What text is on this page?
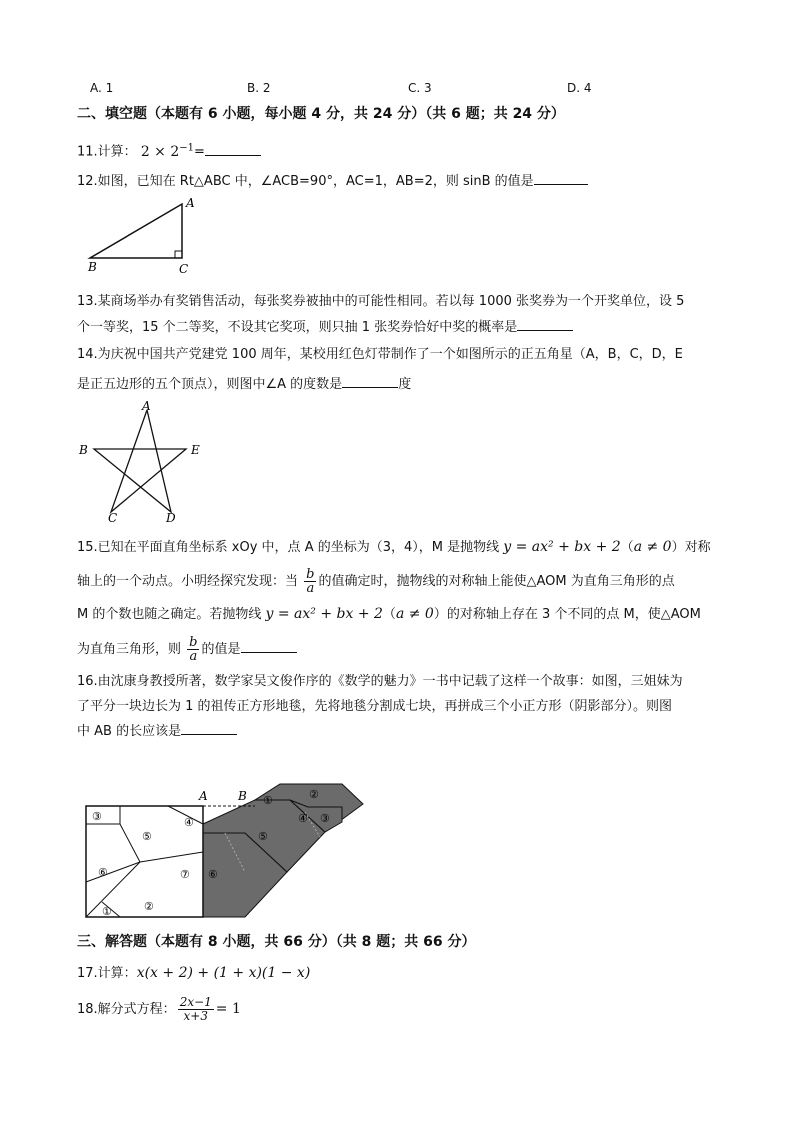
A. 1	B. 2	C. 3	D. 4
二、填空题（本题有 6 小题，每小题 4 分，共 24 分）（共 6 题；共 24 分）
11.计算： $2 \times 2^{-1}=$
12.如图，已知在 Rt△ABC 中，∠ACB=90°，AC=1，AB=2，则 sinB 的值是
A
B	C
13.某商场举办有奖销售活动，每张奖券被抽中的可能性相同。若以每 1000 张奖券为一个开奖单位，设 5
个一等奖，15 个二等奖，不设其它奖项，则只抽 1 张奖券恰好中奖的概率是
14.为庆祝中国共产党建党 100 周年，某校用红色灯带制作了一个如图所示的正五角星（A，B，C，D，E
是正五边形的五个顶点），则图中∠A 的度数是	度
A
B	E
C	D
15.已知在平面直角坐标系 xOy 中，点 A 的坐标为（3，4），M 是抛物线 y = ax² + bx + 2（a ≠ 0）对称
轴上的一个动点。小明经探究发现：当 $\frac{b}{a}$ 的值确定时，抛物线的对称轴上能使△AOM 为直角三角形的点
M 的个数也随之确定。若抛物线 y = ax² + bx + 2（a ≠ 0）的对称轴上存在 3 个不同的点 M，使△AOM
为直角三角形，则 $\frac{b}{a}$ 的值是
16.由沈康身教授所著，数学家吴文俊作序的《数学的魅力》一书中记载了这样一个故事：如图，三姐妹为
了平分一块边长为 1 的祖传正方形地毯，先将地毯分割成七块，再拼成三个小正方形（阴影部分）。则图
中 AB 的长应该是
A	B
③
⑤
④
⑥
②
①
⑦ ⑥
⑤
①	②
④ ③
三、解答题（本题有 8 小题，共 66 分）（共 8 题；共 66 分）
17.计算：x(x + 2) + (1 + x)(1 − x)
18.解分式方程： $\frac{2x-1}{x+3} = 1$
